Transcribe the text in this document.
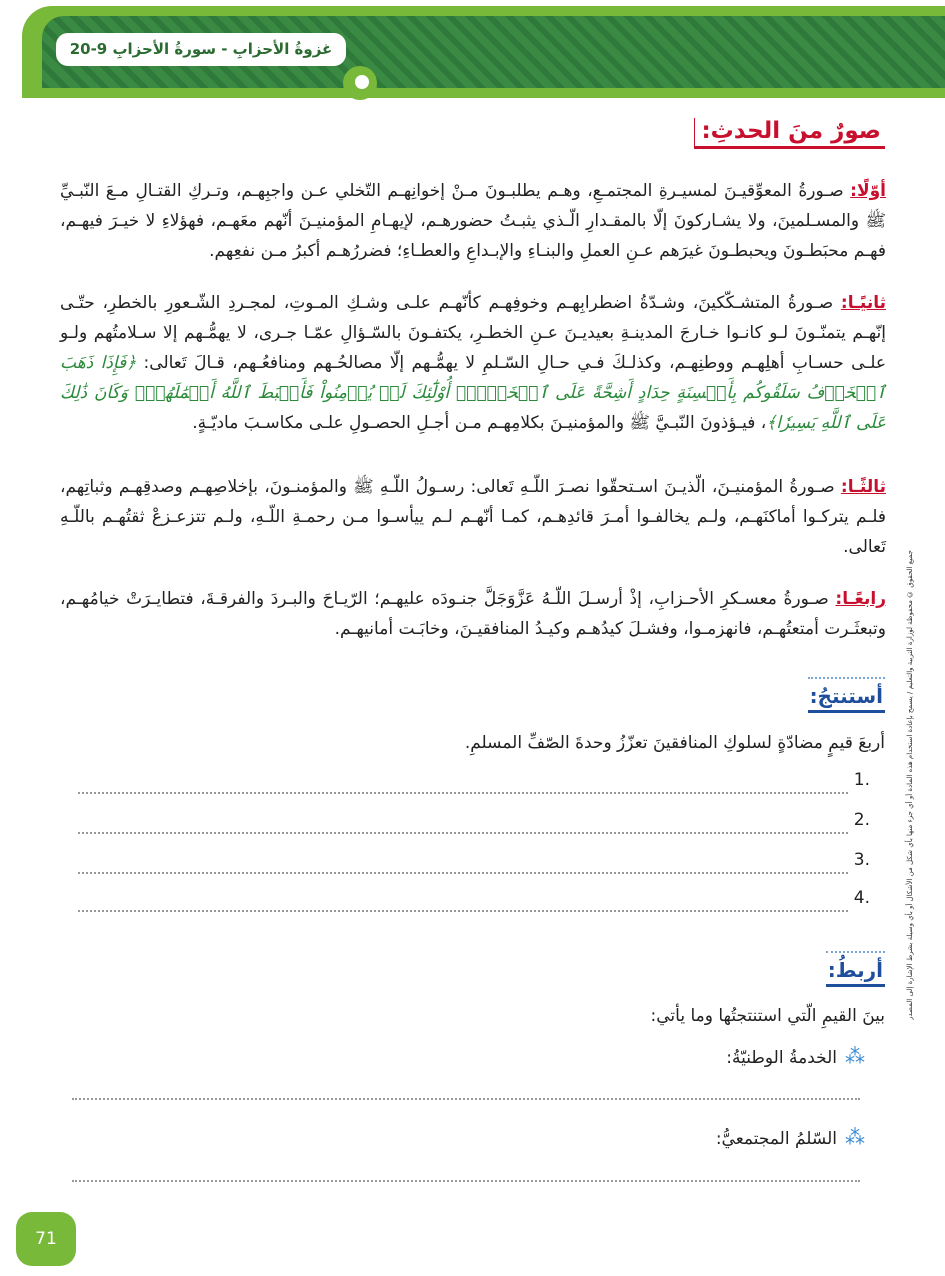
غزوةُ الأحزابِ - سورةُ الأحزابِ 9-20
صورٌ منَ الحدثِ:
أوّلًا: صـورةُ المعوِّقيـنَ لمسيـرةِ المجتمـعِ، وهـم يطلبـونَ مـنْ إخوانِهـم التّخلي عـن واجبِهـم، وتـركِ القتـالِ مـعَ النّبـيِّ ﷺ والمسـلمينَ، ولا يشـاركونَ إلّا بالمقـدارِ الّـذي يثبـتُ حضورهـم، لإيهـامِ المؤمنيـنَ أنّهم معَهـم، فهؤلاءِ لا خيـرَ فيهـم، فهـم محبَطـونَ ويحبطـونَ غيرَهم عـنِ العملِ والبنـاءِ والإبـداعِ والعطـاءِ؛ فضررُهـم أكبرُ مـن نفعِهم.
ثانيًـا: صـورةُ المتشـكّكينَ، وشـدّةُ اضطرابِهـم وخوفِهـم كأنّهـم علـى وشـكِ المـوتِ، لمجـردِ الشّـعورِ بالخطرِ، حتّـى إنّهـم يتمنّـونَ لـو كانـوا خـارجَ المدينـةِ بعيديـنَ عـنِ الخطـرِ، يكتفـونَ بالسّـؤالِ عمّـا جـرى، لا يهمُّـهم إلا سـلامتُهم ولـو علـى حسـابِ أهلِهـم ووطنِهـم، وكذلـكَ فـي حـالِ السّـلمِ لا يهمُّـهم إلّا مصالحُـهم ومنافعُـهم، قـالَ تَعالى: ﴿فَإِذَا ذَهَبَ ٱلۡخَوۡفُ سَلَقُوكُم بِأَلۡسِنَةٍ حِدَادٍ أَشِحَّةً عَلَى ٱلۡخَيۡرِۚ أُوْلَٰٓئِكَ لَمۡ يُؤۡمِنُواْ فَأَحۡبَطَ ٱللَّهُ أَعۡمَٰلَهُمۡۚ وَكَانَ ذَٰلِكَ عَلَى ٱللَّهِ يَسِيرٗا﴾، فيـؤذونَ النّبـيَّ ﷺ والمؤمنيـنَ بكلامِهـم مـن أجـلِ الحصـولِ علـى مكاسـبَ ماديّـةٍ.
ثالثًـا: صـورةُ المؤمنيـنَ، الّذيـنَ اسـتحقّوا نصـرَ اللّـهِ تَعالى: رسـولُ اللّـهِ ﷺ والمؤمنـونَ، بإخلاصِهـم وصدقِهـم وثباتِهم، فلـم يتركـوا أماكنَهـم، ولـم يخالفـوا أمـرَ قائدِهـم، كمـا أنّهـم لـم ييأسـوا مـن رحمـةِ اللّـهِ، ولـم تتزعـزعْ ثقتُهـم باللّـهِ تَعالى.
رابعًـا: صـورةُ معسـكرِ الأحـزابِ، إذْ أرسـلَ اللّـهُ عَزَّوَجَلَّ جنـودَه عليهـم؛ الرّيـاحَ والبـردَ والفرقـةَ، فتطايـرَتْ خيامُهـم، وتبعثَـرت أمتعتُهـم، فانهزمـوا، وفشـلَ كيدُهـم وكيـدُ المنافقيـنَ، وخابَـت أمانيهـم.
أستنتجُ:
أربعَ قيمٍ مضادّةٍ لسلوكِ المنافقينَ تعزّزُ وحدةَ الصّفِّ المسلمِ.
1.
2.
3.
4.
أربطُ:
بينَ القيمِ الّتي استنتجتُها وما يأتي:
⁂الخدمةُ الوطنيّةُ:
⁂السّلمُ المجتمعيُّ:
جميع الحقوق © محفوظة لوزارة التربية والتعليم / يسمح بإعادة استخدام هذه المادة أو أي جزء منها بأي شكل من الأشكال أو بأي وسيلة بشرط الإشارة إلى المصدر
71
